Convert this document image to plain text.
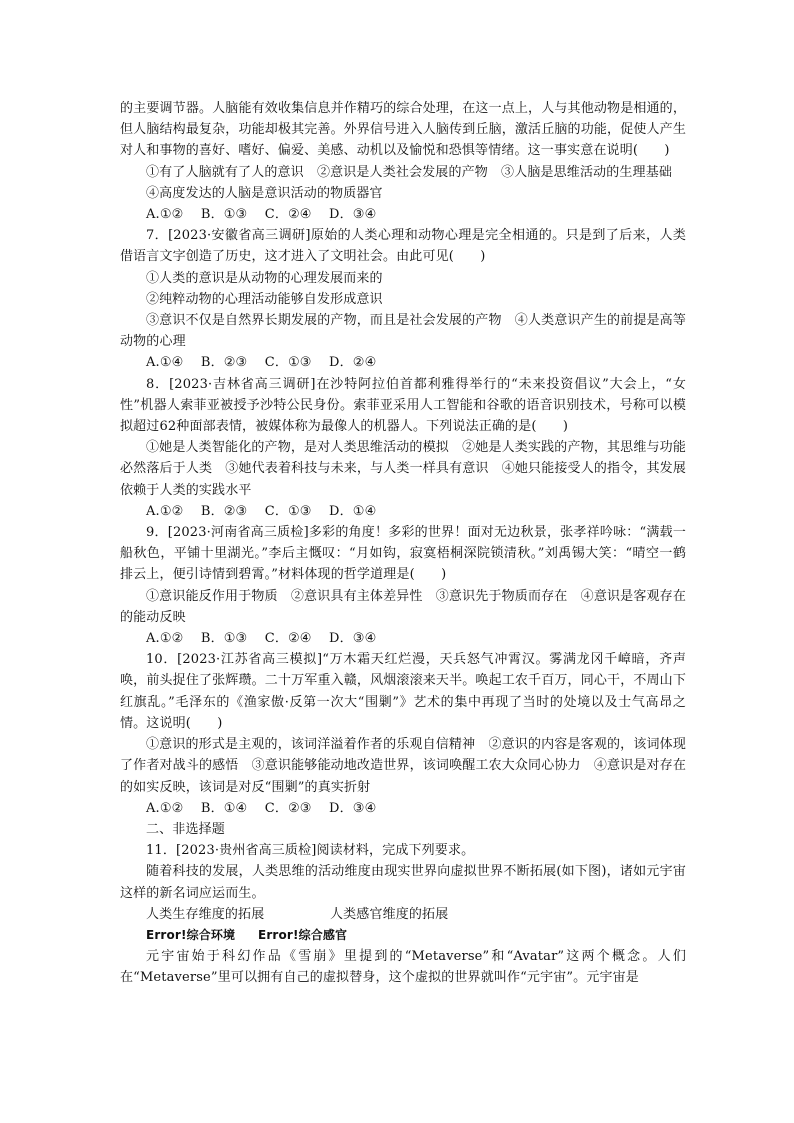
的主要调节器。人脑能有效收集信息并作精巧的综合处理，在这一点上，人与其他动物是相通的，但人脑结构最复杂，功能却极其完善。外界信号进入人脑传到丘脑，激活丘脑的功能，促使人产生对人和事物的喜好、嗜好、偏爱、美感、动机以及愉悦和恐惧等情绪。这一事实意在说明(　　)

①有了人脑就有了人的意识　②意识是人类社会发展的产物　③人脑是思维活动的生理基础

④高度发达的人脑是意识活动的物质器官

A.①②　 B．①③　 C．②④　 D．③④

7．[2023·安徽省高三调研]原始的人类心理和动物心理是完全相通的。只是到了后来，人类借语言文字创造了历史，这才进入了文明社会。由此可见(　　)

①人类的意识是从动物的心理发展而来的

②纯粹动物的心理活动能够自发形成意识

③意识不仅是自然界长期发展的产物，而且是社会发展的产物　④人类意识产生的前提是高等动物的心理

A.①④　 B．②③　 C．①③　 D．②④

8．[2023·吉林省高三调研]在沙特阿拉伯首都利雅得举行的“未来投资倡议”大会上，“女性”机器人索菲亚被授予沙特公民身份。索菲亚采用人工智能和谷歌的语音识别技术，号称可以模拟超过62种面部表情，被媒体称为最像人的机器人。下列说法正确的是(　　)

①她是人类智能化的产物，是对人类思维活动的模拟　②她是人类实践的产物，其思维与功能必然落后于人类　③她代表着科技与未来，与人类一样具有意识　④她只能接受人的指令，其发展依赖于人类的实践水平

A.①②　 B．②③　 C．①③　 D．①④

9．[2023·河南省高三质检]多彩的角度！多彩的世界！面对无边秋景，张孝祥吟咏：“满载一船秋色，平铺十里湖光。”李后主慨叹：“月如钩，寂寞梧桐深院锁清秋。”刘禹锡大笑：“晴空一鹤排云上，便引诗情到碧霄。”材料体现的哲学道理是(　　)

①意识能反作用于物质　②意识具有主体差异性　③意识先于物质而存在　④意识是客观存在的能动反映

A.①②　 B．①③　 C．②④　 D．③④

10．[2023·江苏省高三模拟]“万木霜天红烂漫，天兵怒气冲霄汉。雾满龙冈千嶂暗，齐声唤，前头捉住了张辉瓒。二十万军重入赣，风烟滚滚来天半。唤起工农千百万，同心干，不周山下红旗乱。”毛泽东的《渔家傲·反第一次大“围剿”》艺术的集中再现了当时的处境以及士气高昂之情。这说明(　　)

①意识的形式是主观的，该词洋溢着作者的乐观自信精神　②意识的内容是客观的，该词体现了作者对战斗的感悟　③意识能够能动地改造世界，该词唤醒工农大众同心协力　④意识是对存在的如实反映，该词是对反“围剿”的真实折射

A.①②　 B．①④　 C．②③　 D．③④

二、非选择题

11．[2023·贵州省高三质检]阅读材料，完成下列要求。

随着科技的发展，人类思维的活动维度由现实世界向虚拟世界不断拓展(如下图)，诸如元宇宙这样的新名词应运而生。

人类生存维度的拓展	人类感官维度的拓展
Error!综合环境 Error!综合感官

元宇宙始于科幻作品《雪崩》里提到的“Metaverse”和“Avatar”这两个概念。人们在“Metaverse”里可以拥有自己的虚拟替身，这个虚拟的世界就叫作“元宇宙”。元宇宙是
